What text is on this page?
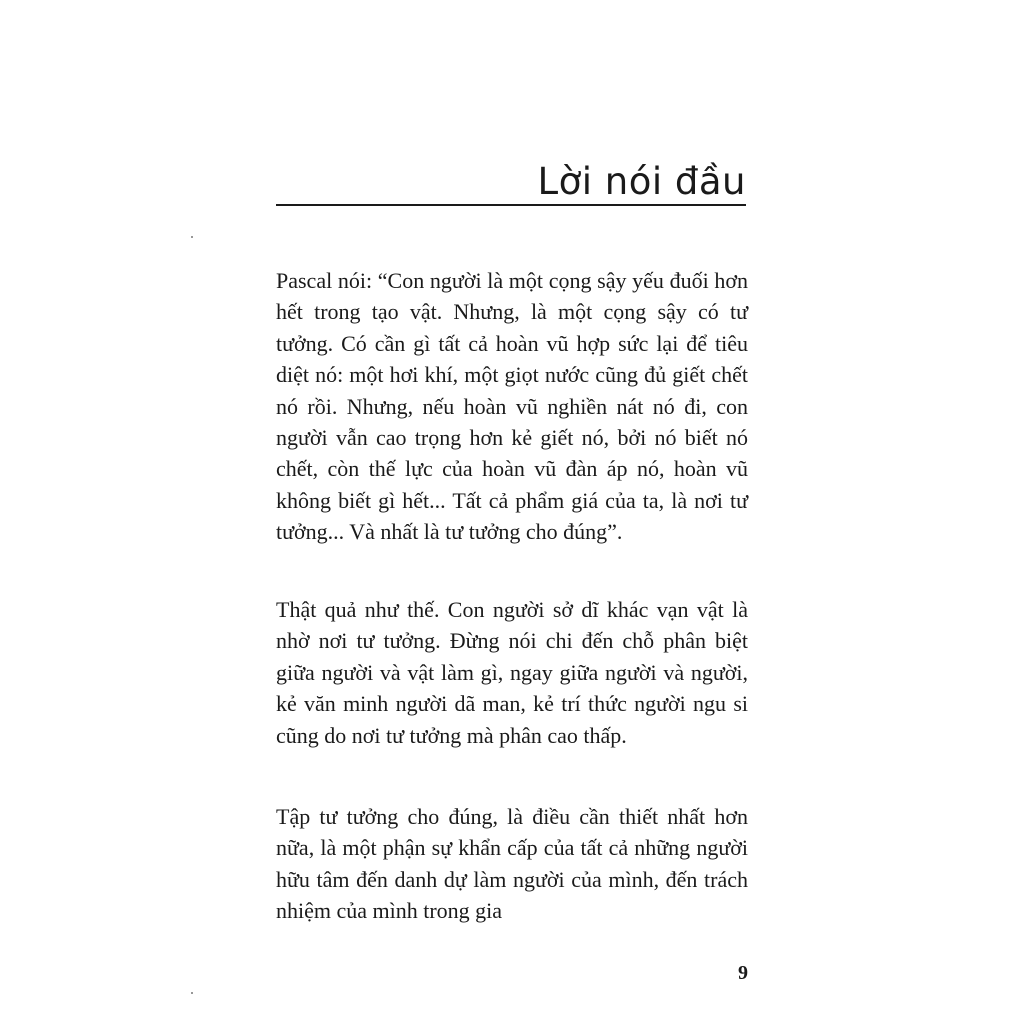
Lời nói đầu

Pascal nói: “Con người là một cọng sậy yếu đuối hơn hết trong tạo vật. Nhưng, là một cọng sậy có tư tưởng. Có cần gì tất cả hoàn vũ hợp sức lại để tiêu diệt nó: một hơi khí, một giọt nước cũng đủ giết chết nó rồi. Nhưng, nếu hoàn vũ nghiền nát nó đi, con người vẫn cao trọng hơn kẻ giết nó, bởi nó biết nó chết, còn thế lực của hoàn vũ đàn áp nó, hoàn vũ không biết gì hết... Tất cả phẩm giá của ta, là nơi tư tưởng... Và nhất là tư tưởng cho đúng”.

Thật quả như thế. Con người sở dĩ khác vạn vật là nhờ nơi tư tưởng. Đừng nói chi đến chỗ phân biệt giữa người và vật làm gì, ngay giữa người và người, kẻ văn minh người dã man, kẻ trí thức người ngu si cũng do nơi tư tưởng mà phân cao thấp.

Tập tư tưởng cho đúng, là điều cần thiết nhất hơn nữa, là một phận sự khẩn cấp của tất cả những người hữu tâm đến danh dự làm người của mình, đến trách nhiệm của mình trong gia

9
